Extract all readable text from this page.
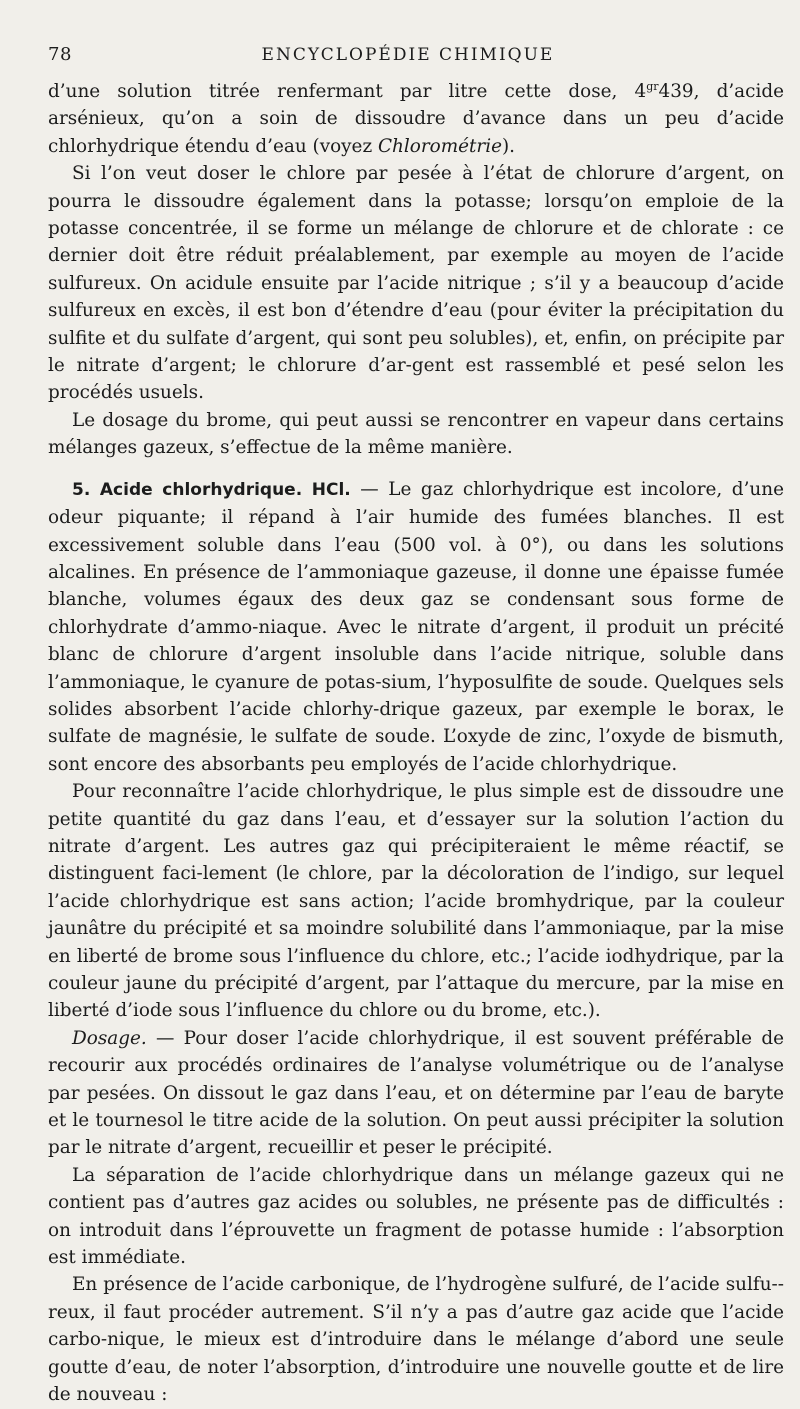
78	ENCYCLOPÉDIE CHIMIQUE

d’une solution titrée renfermant par litre cette dose, $4^{gr}439$, d’acide arsénieux, qu’on a soin de dissoudre d’avance dans un peu d’acide chlorhydrique étendu d’eau (voyez Chlorométrie).

Si l’on veut doser le chlore par pesée à l’état de chlorure d’argent, on pourra le dissoudre également dans la potasse; lorsqu’on emploie de la potasse concentrée, il se forme un mélange de chlorure et de chlorate : ce dernier doit être réduit préalablement, par exemple au moyen de l’acide sulfureux. On acidule ensuite par l’acide nitrique ; s’il y a beaucoup d’acide sulfureux en excès, il est bon d’étendre d’eau (pour éviter la précipitation du sulfite et du sulfate d’argent, qui sont peu solubles), et, enfin, on précipite par le nitrate d’argent; le chlorure d’ar-gent est rassemblé et pesé selon les procédés usuels.

Le dosage du brome, qui peut aussi se rencontrer en vapeur dans certains mélanges gazeux, s’effectue de la même manière.

5. Acide chlorhydrique. HCl. — Le gaz chlorhydrique est incolore, d’une odeur piquante; il répand à l’air humide des fumées blanches. Il est excessivement soluble dans l’eau (500 vol. à 0°), ou dans les solutions alcalines. En présence de l’ammoniaque gazeuse, il donne une épaisse fumée blanche, volumes égaux des deux gaz se condensant sous forme de chlorhydrate d’ammo-niaque. Avec le nitrate d’argent, il produit un précité blanc de chlorure d’argent insoluble dans l’acide nitrique, soluble dans l’ammoniaque, le cyanure de potas-sium, l’hyposulfite de soude. Quelques sels solides absorbent l’acide chlorhy-drique gazeux, par exemple le borax, le sulfate de magnésie, le sulfate de soude. L’oxyde de zinc, l’oxyde de bismuth, sont encore des absorbants peu employés de l’acide chlorhydrique.

Pour reconnaître l’acide chlorhydrique, le plus simple est de dissoudre une petite quantité du gaz dans l’eau, et d’essayer sur la solution l’action du nitrate d’argent. Les autres gaz qui précipiteraient le même réactif, se distinguent faci-lement (le chlore, par la décoloration de l’indigo, sur lequel l’acide chlorhydrique est sans action; l’acide bromhydrique, par la couleur jaunâtre du précipité et sa moindre solubilité dans l’ammoniaque, par la mise en liberté de brome sous l’influence du chlore, etc.; l’acide iodhydrique, par la couleur jaune du précipité d’argent, par l’attaque du mercure, par la mise en liberté d’iode sous l’influence du chlore ou du brome, etc.).

Dosage. — Pour doser l’acide chlorhydrique, il est souvent préférable de recourir aux procédés ordinaires de l’analyse volumétrique ou de l’analyse par pesées. On dissout le gaz dans l’eau, et on détermine par l’eau de baryte et le tournesol le titre acide de la solution. On peut aussi précipiter la solution par le nitrate d’argent, recueillir et peser le précipité.

La séparation de l’acide chlorhydrique dans un mélange gazeux qui ne contient pas d’autres gaz acides ou solubles, ne présente pas de difficultés : on introduit dans l’éprouvette un fragment de potasse humide : l’absorption est immédiate.

En présence de l’acide carbonique, de l’hydrogène sulfuré, de l’acide sulfu-reux, il faut procéder autrement. S’il n’y a pas d’autre gaz acide que l’acide carbo-nique, le mieux est d’introduire dans le mélange d’abord une seule goutte d’eau, de noter l’absorption, d’introduire une nouvelle goutte et de lire de nouveau :
